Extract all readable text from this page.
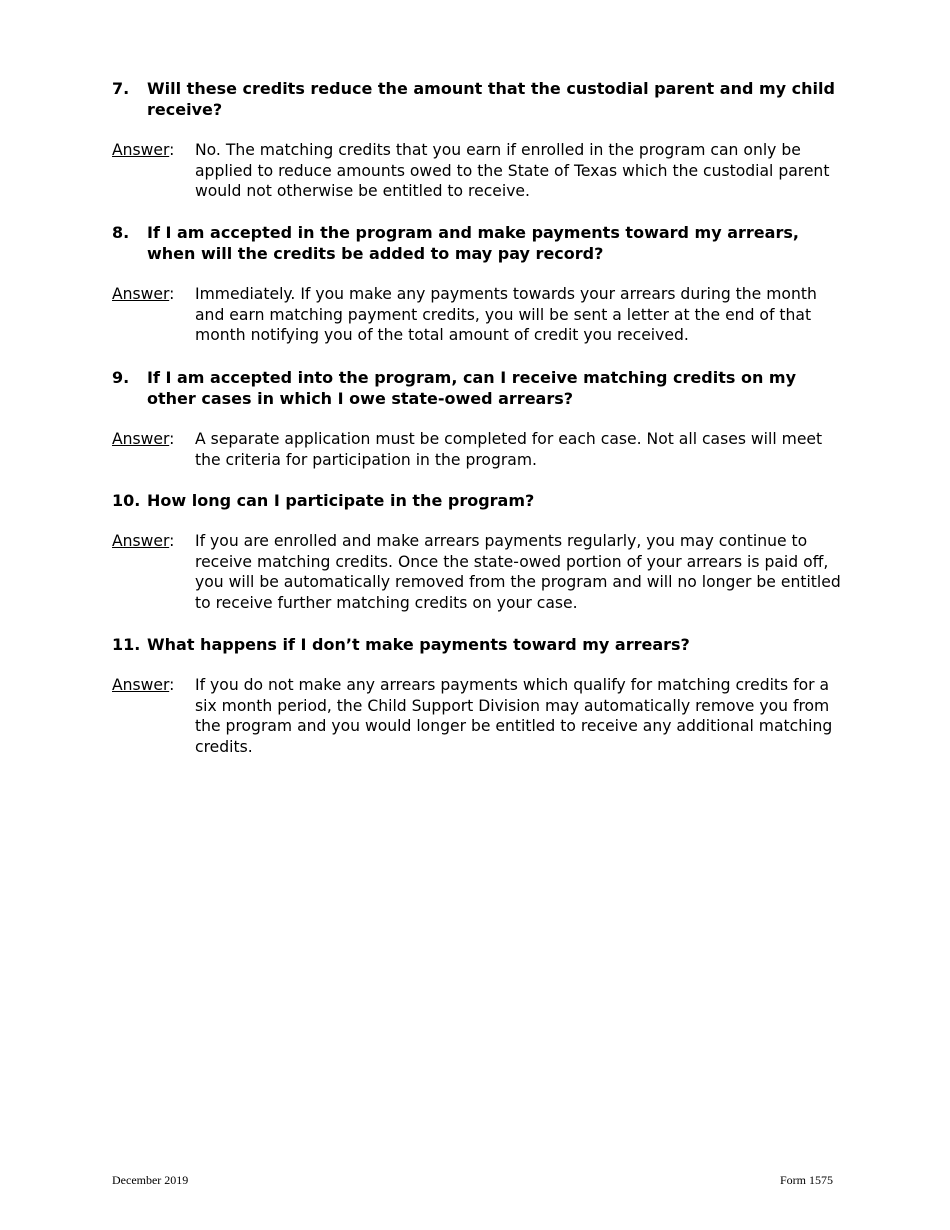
7.	Will these credits reduce the amount that the custodial parent and my child receive?
Answer:	No. The matching credits that you earn if enrolled in the program can only be applied to reduce amounts owed to the State of Texas which the custodial parent would not otherwise be entitled to receive.
8.	If I am accepted in the program and make payments toward my arrears, when will the credits be added to may pay record?
Answer:	Immediately. If you make any payments towards your arrears during the month and earn matching payment credits, you will be sent a letter at the end of that month notifying you of the total amount of credit you received.
9.	If I am accepted into the program, can I receive matching credits on my other cases in which I owe state-owed arrears?
Answer:	A separate application must be completed for each case. Not all cases will meet the criteria for participation in the program.
10. How long can I participate in the program?
Answer:	If you are enrolled and make arrears payments regularly, you may continue to receive matching credits. Once the state-owed portion of your arrears is paid off, you will be automatically removed from the program and will no longer be entitled to receive further matching credits on your case.
11. What happens if I don’t make payments toward my arrears?
Answer:	If you do not make any arrears payments which qualify for matching credits for a six month period, the Child Support Division may automatically remove you from the program and you would longer be entitled to receive any additional matching credits.
December 2019	Form 1575
